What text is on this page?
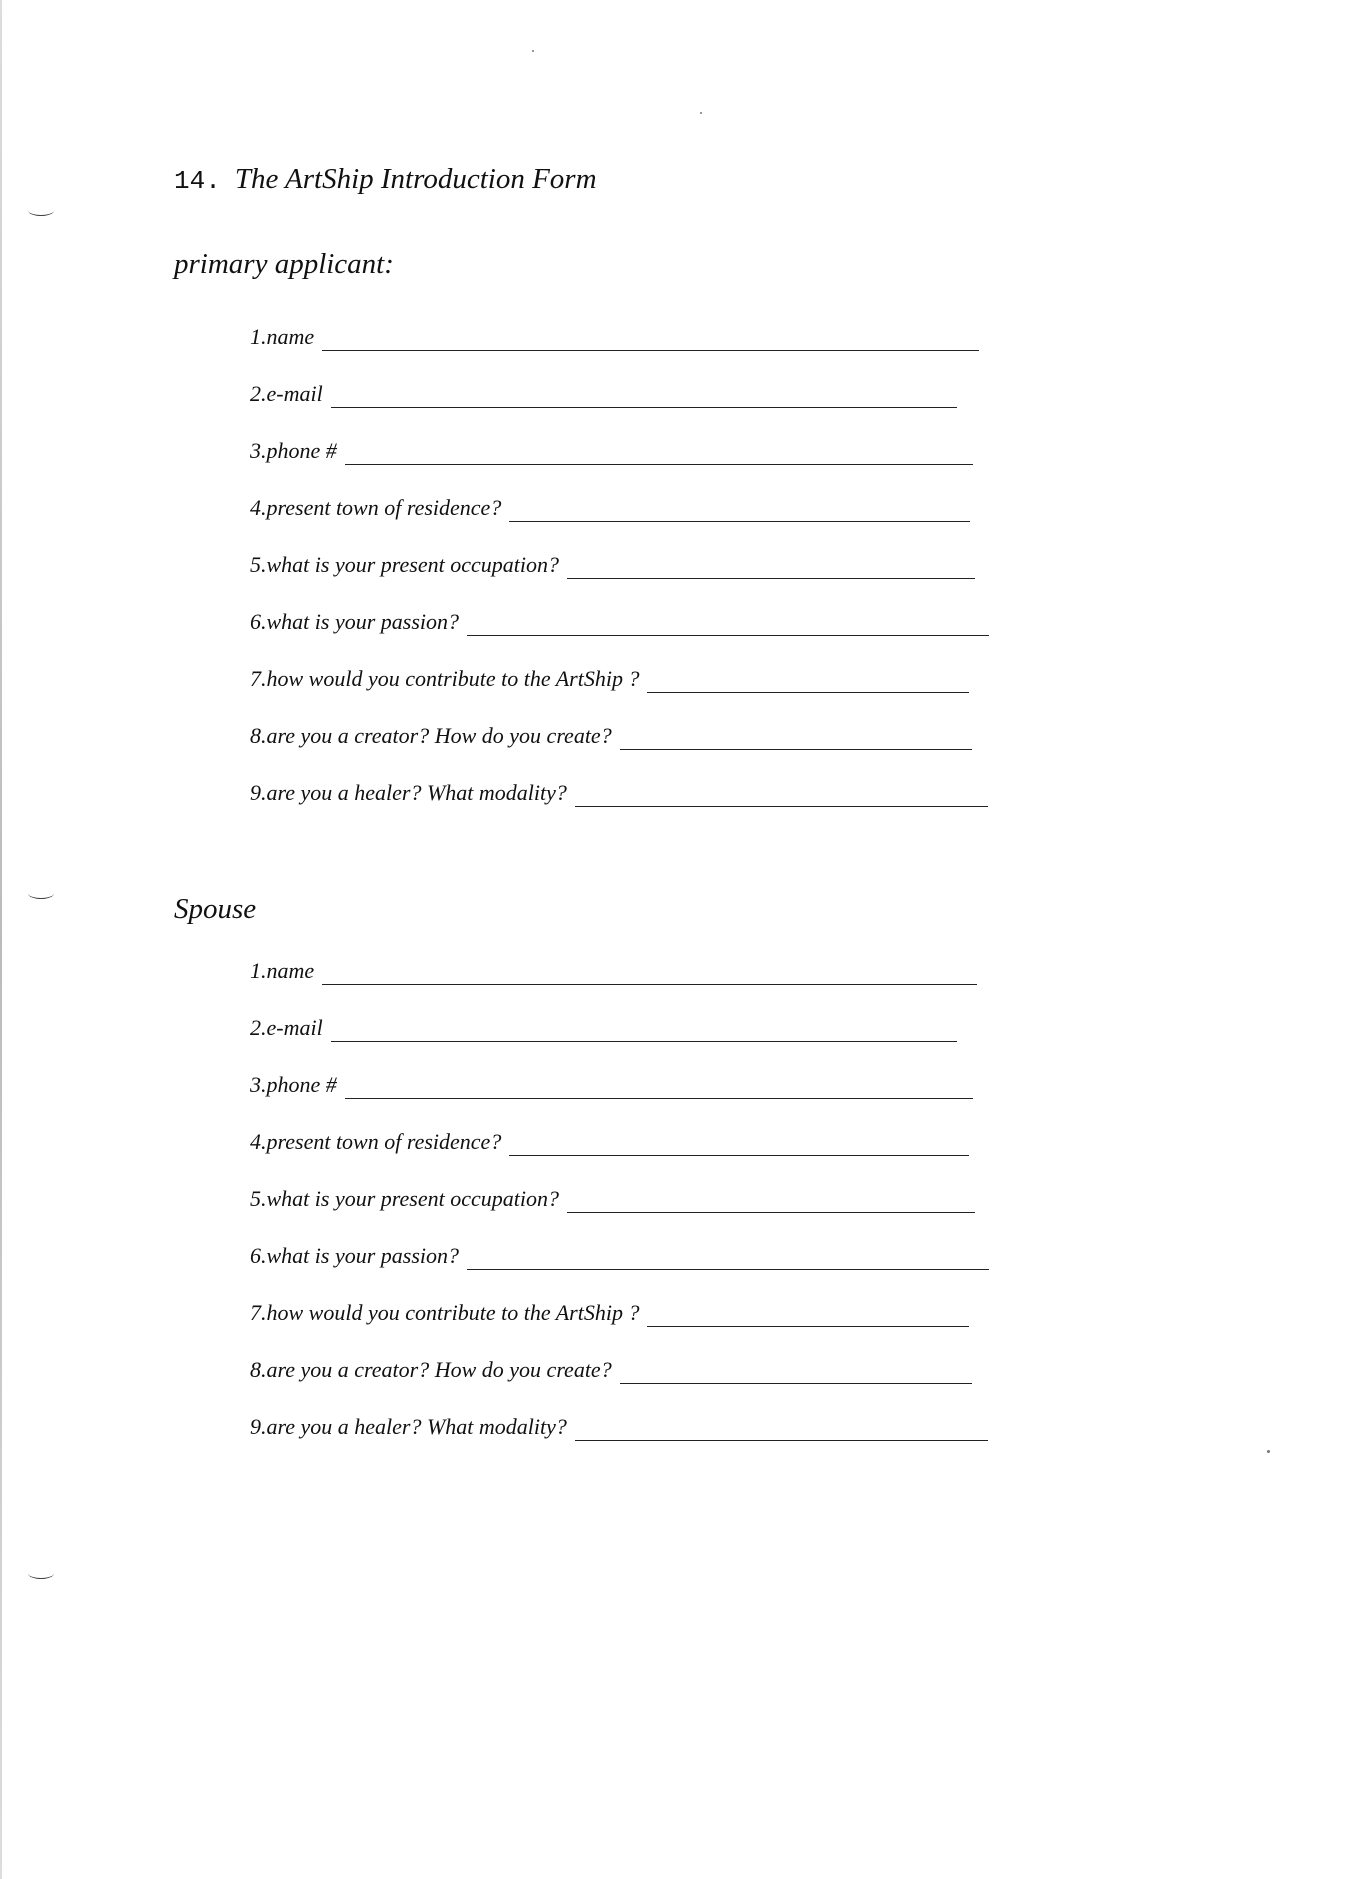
14. The ArtShip Introduction Form
primary applicant:
1.name
2.e-mail
3.phone #
4.present town of residence?
5.what is your present occupation?
6.what is your passion?
7.how would you contribute to the ArtShip ?
8.are you a creator? How do you create?
9.are you a healer? What modality?
Spouse
1.name
2.e-mail
3.phone #
4.present town of residence?
5.what is your present occupation?
6.what is your passion?
7.how would you contribute to the ArtShip ?
8.are you a creator? How do you create?
9.are you a healer? What modality?
